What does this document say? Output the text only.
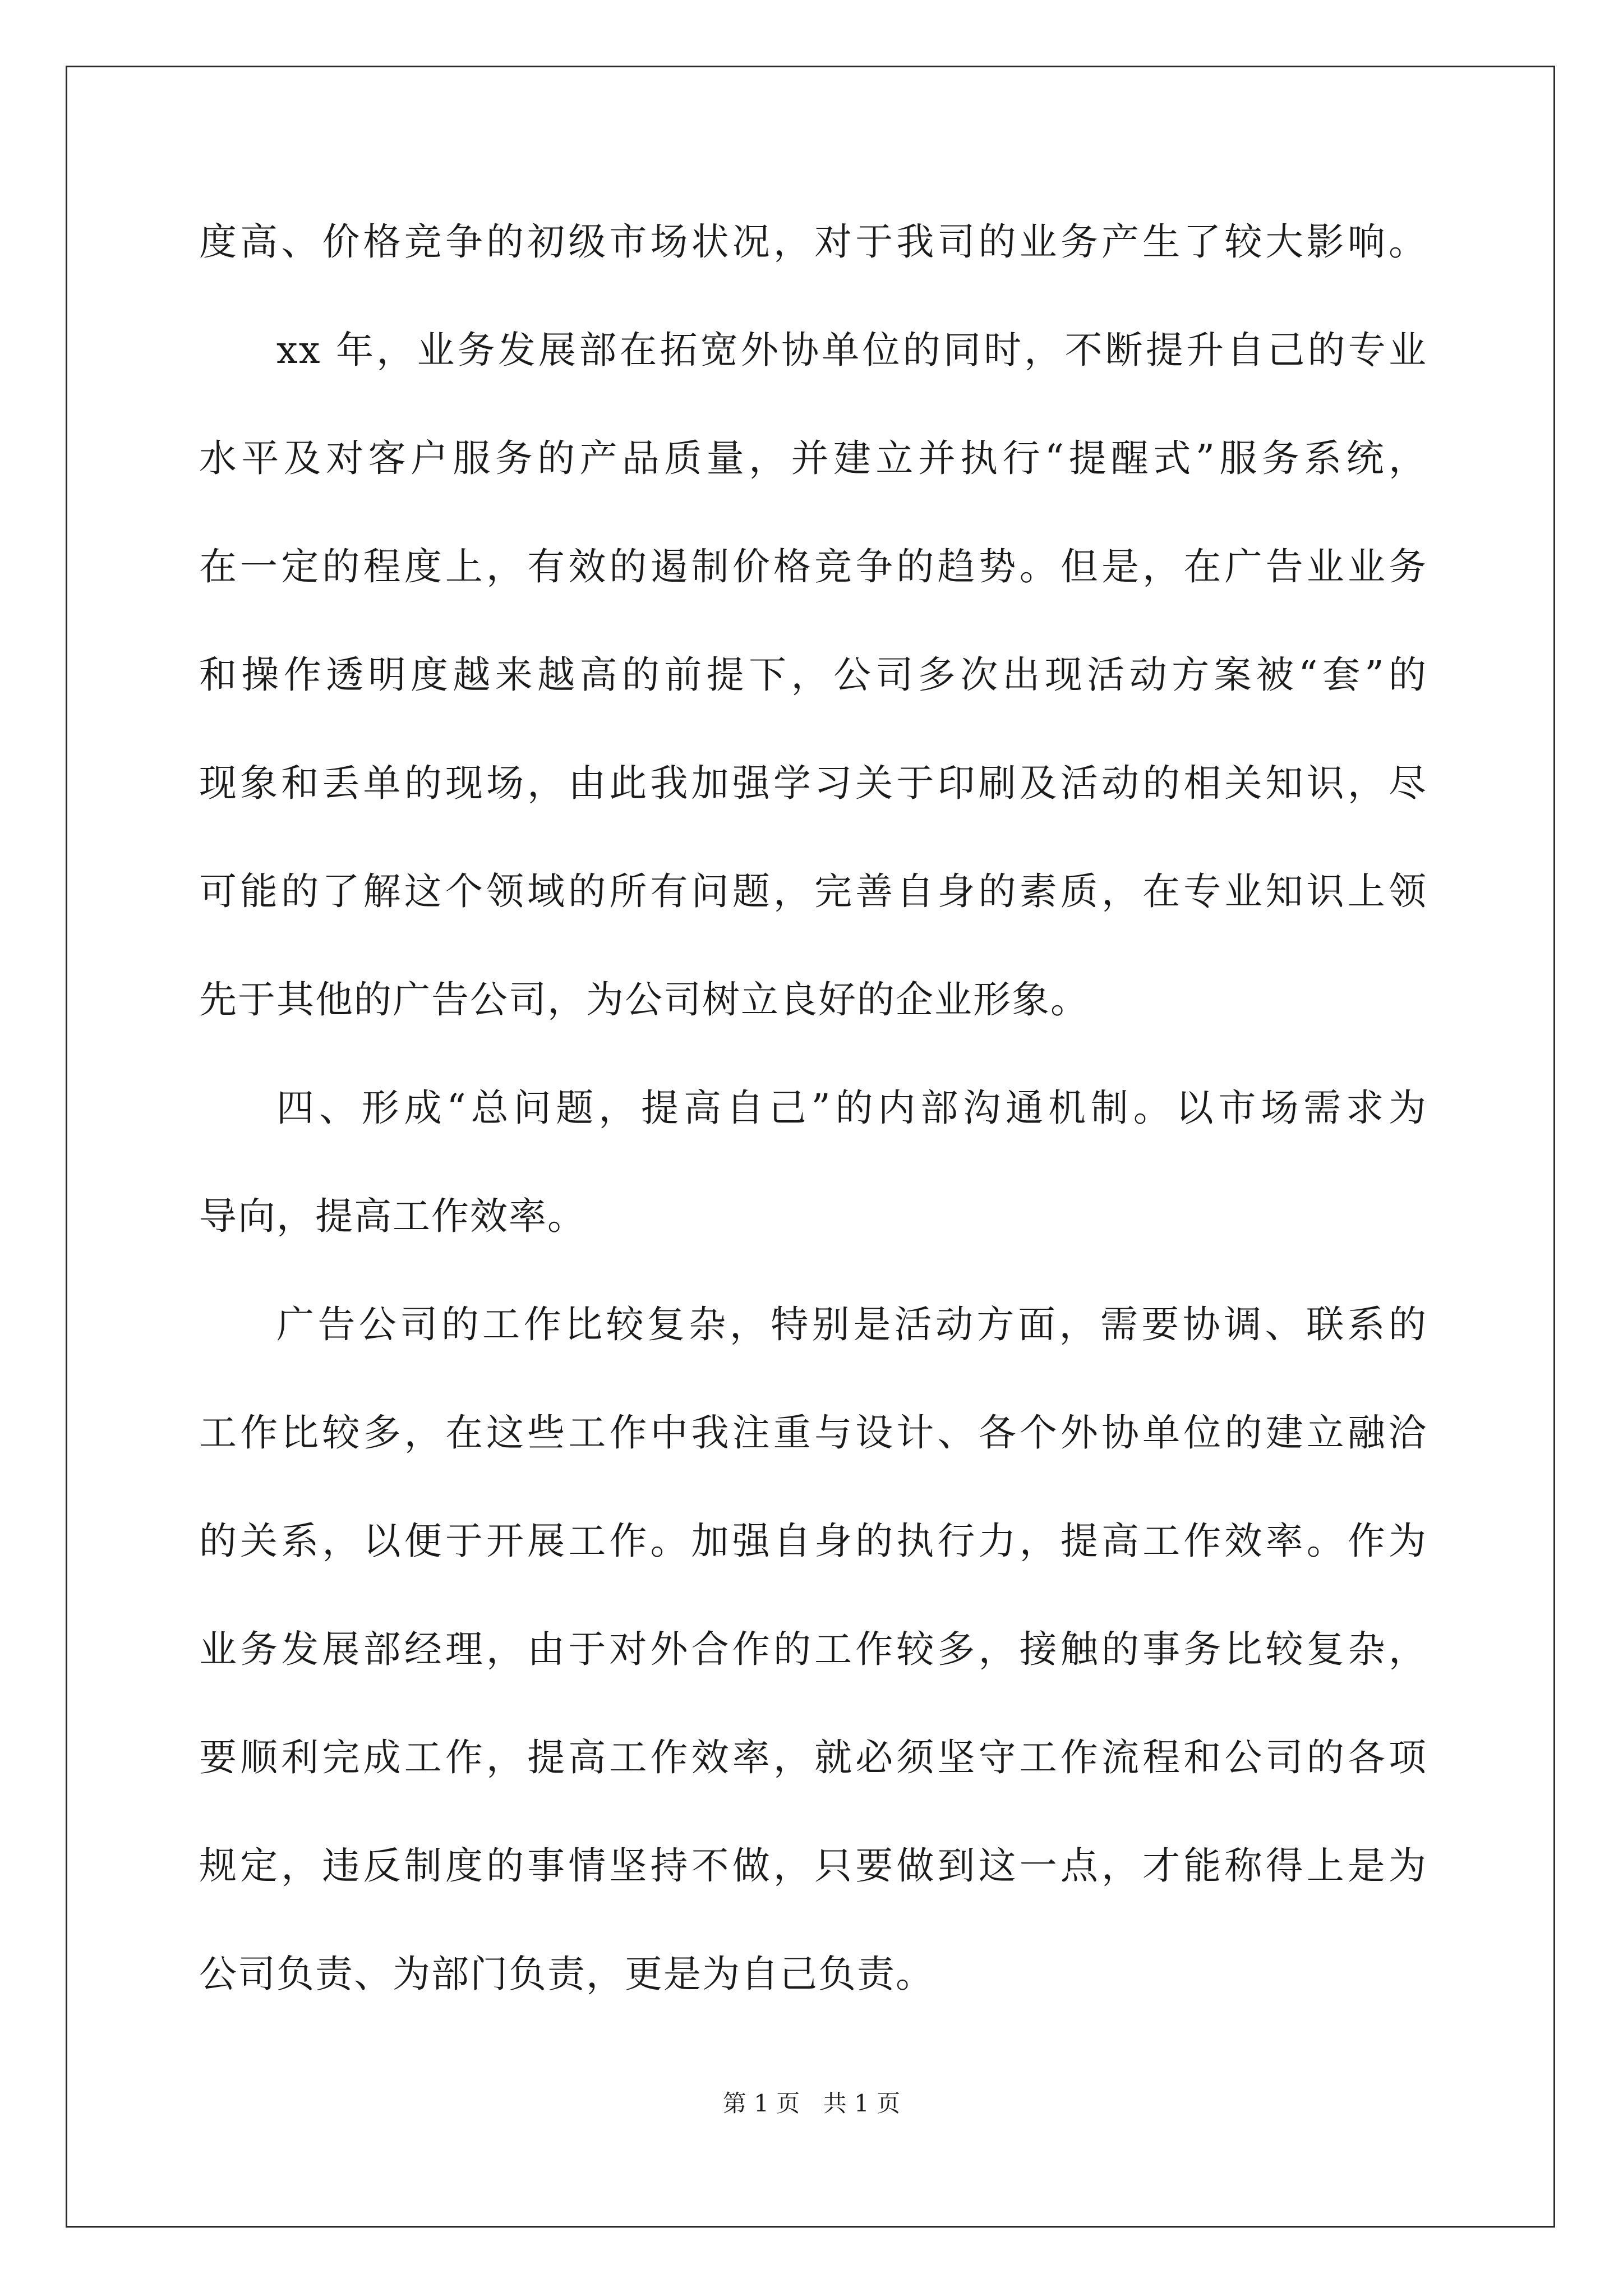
度高、价格竞争的初级市场状况，对于我司的业务产生了较大影响。
xx 年，业务发展部在拓宽外协单位的同时，不断提升自己的专业
水平及对客户服务的产品质量，并建立并执行“提醒式”服务系统，
在一定的程度上，有效的遏制价格竞争的趋势。但是，在广告业业务
和操作透明度越来越高的前提下，公司多次出现活动方案被“套”的
现象和丢单的现场，由此我加强学习关于印刷及活动的相关知识，尽
可能的了解这个领域的所有问题，完善自身的素质，在专业知识上领
先于其他的广告公司，为公司树立良好的企业形象。
四、形成“总问题，提高自己”的内部沟通机制。以市场需求为
导向，提高工作效率。
广告公司的工作比较复杂，特别是活动方面，需要协调、联系的
工作比较多，在这些工作中我注重与设计、各个外协单位的建立融洽
的关系，以便于开展工作。加强自身的执行力，提高工作效率。作为
业务发展部经理，由于对外合作的工作较多，接触的事务比较复杂，
要顺利完成工作，提高工作效率，就必须坚守工作流程和公司的各项
规定，违反制度的事情坚持不做，只要做到这一点，才能称得上是为
公司负责、为部门负责，更是为自己负责。
第 1 页 共 1 页
